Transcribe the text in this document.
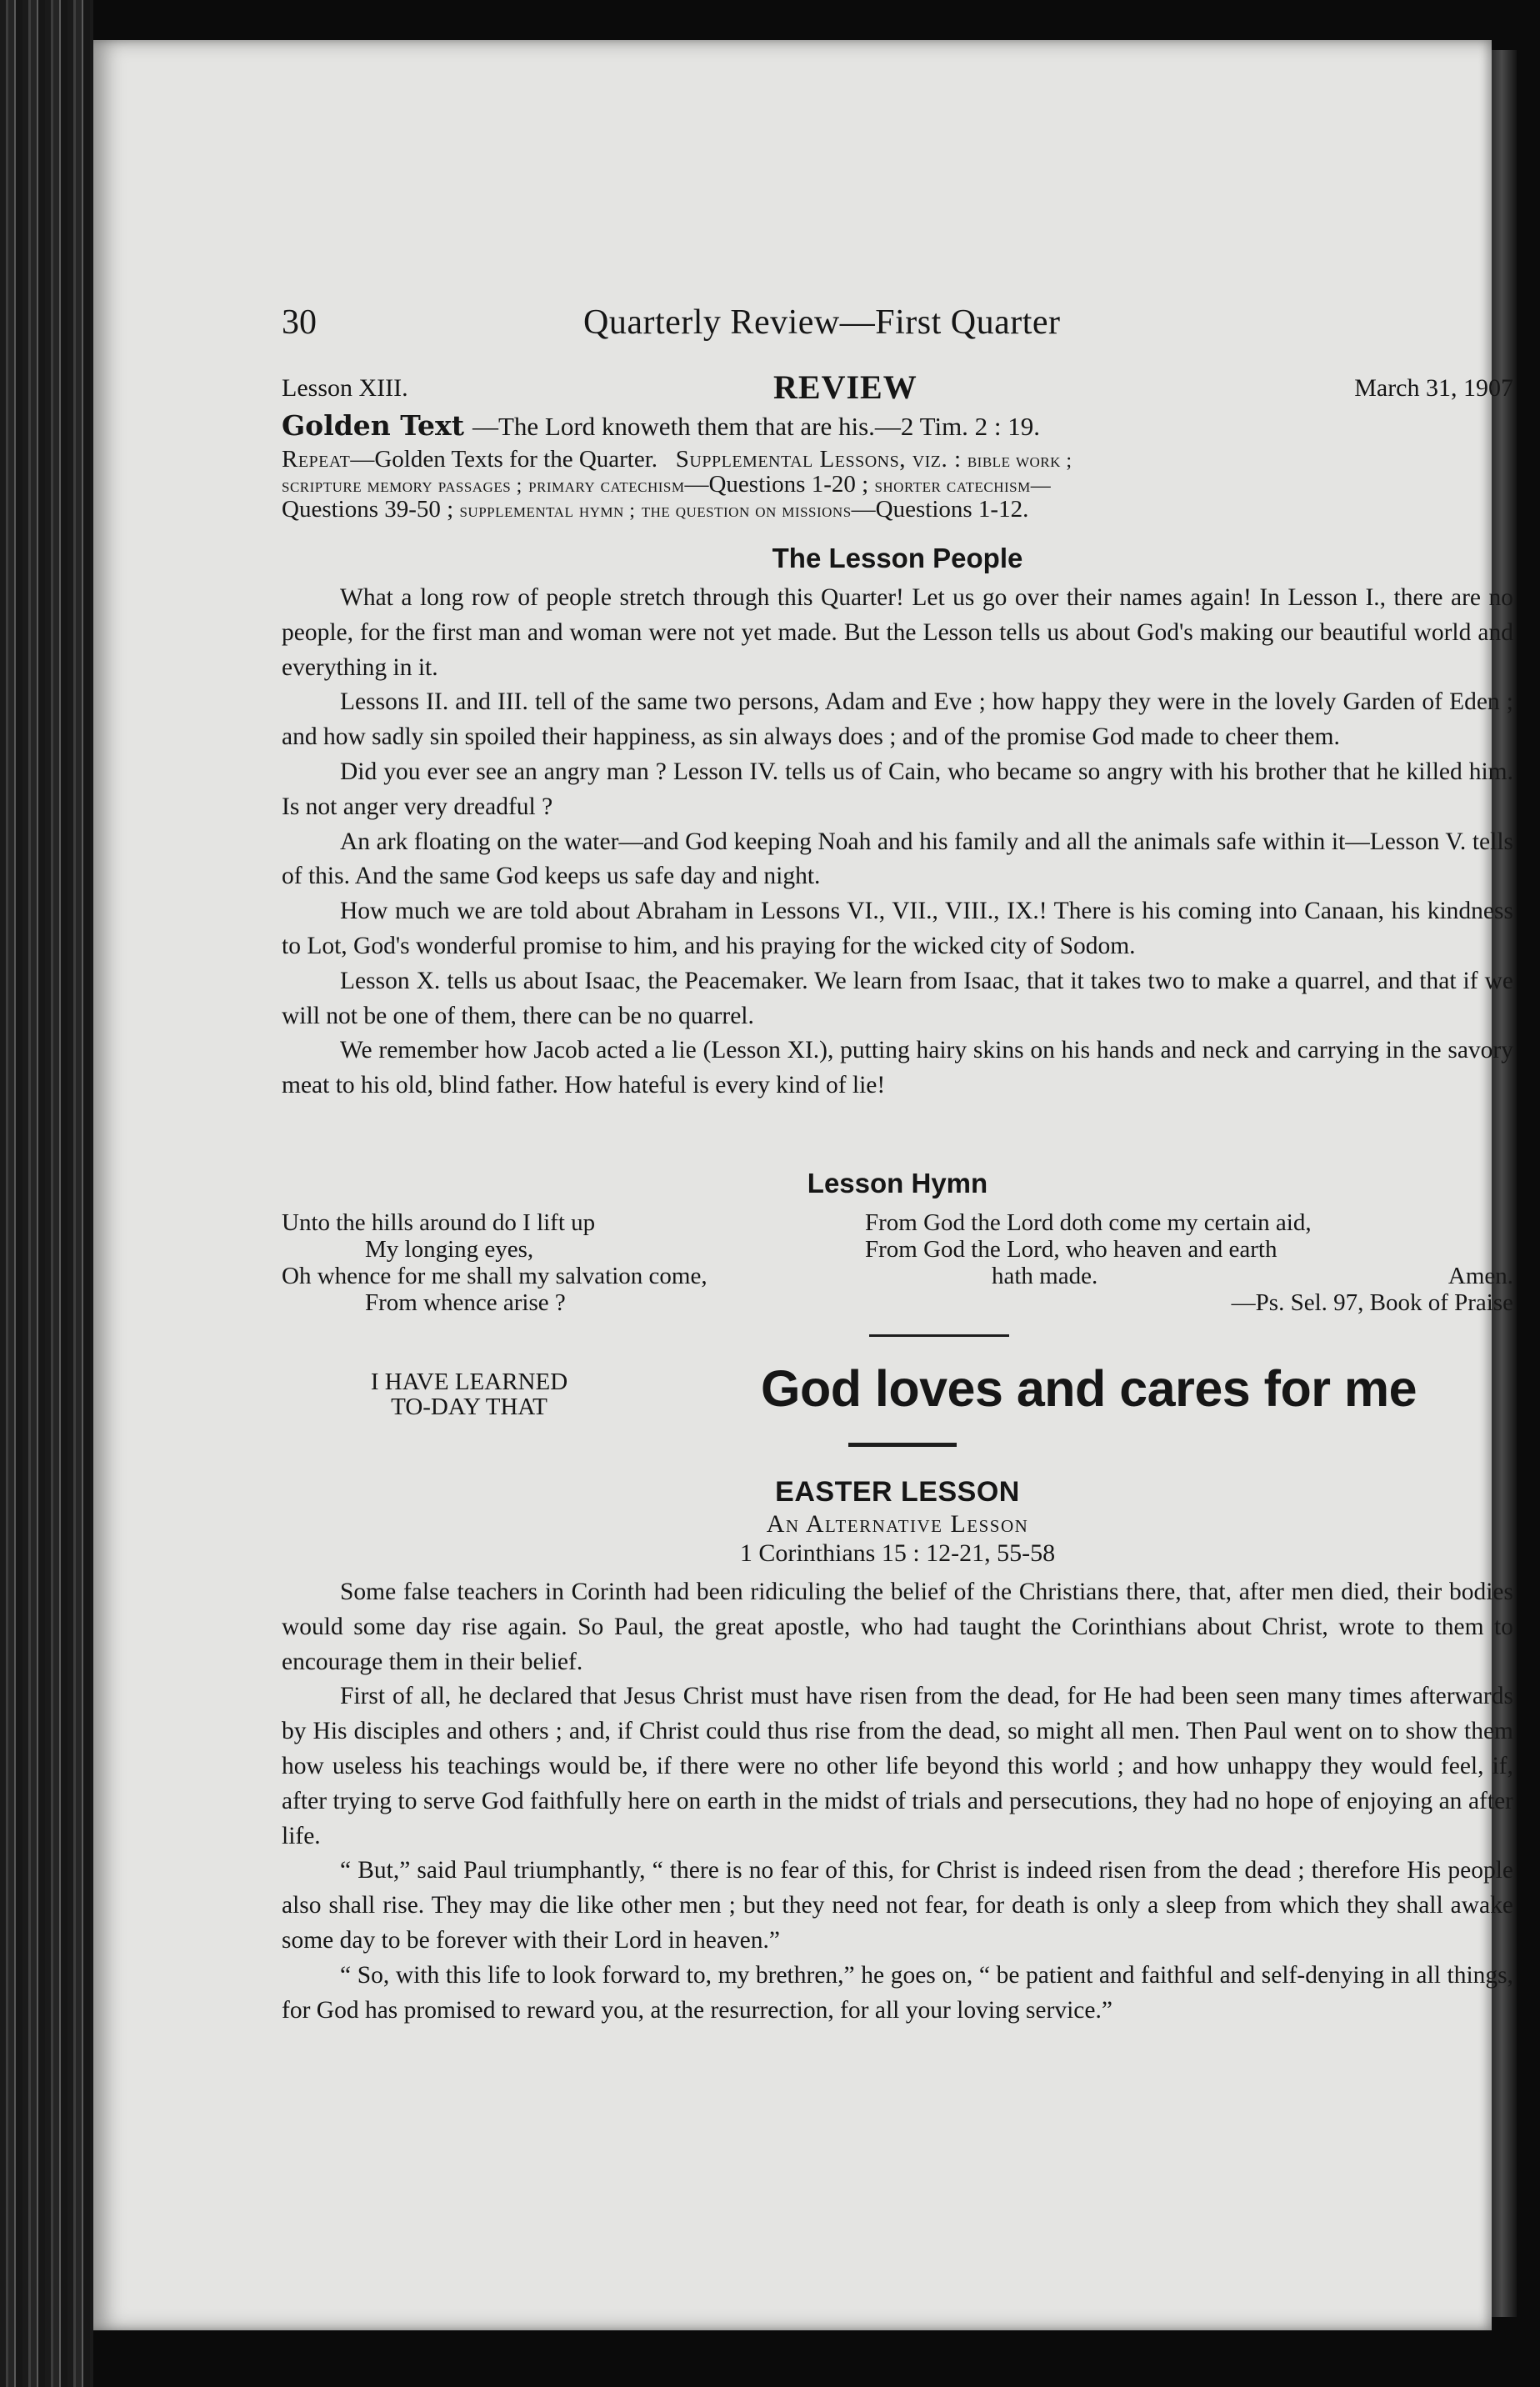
30	Quarterly Review—First Quarter
Lesson XIII.	REVIEW	March 31, 1907
Golden Text —The Lord knoweth them that are his.—2 Tim. 2 : 19.
Repeat—Golden Texts for the Quarter. Supplemental Lessons, viz. : bible work ;
scripture memory passages ; primary catechism—Questions 1-20 ; shorter catechism—
Questions 39-50 ; supplemental hymn ; the question on missions—Questions 1-12.
The Lesson People

What a long row of people stretch through this Quarter! Let us go over their names again! In Lesson I., there are no people, for the first man and woman were not yet made. But the Lesson tells us about God's making our beautiful world and everything in it.

Lessons II. and III. tell of the same two persons, Adam and Eve ; how happy they were in the lovely Garden of Eden ; and how sadly sin spoiled their happiness, as sin always does ; and of the promise God made to cheer them.

Did you ever see an angry man ? Lesson IV. tells us of Cain, who became so angry with his brother that he killed him. Is not anger very dreadful ?

An ark floating on the water—and God keeping Noah and his family and all the animals safe within it—Lesson V. tells of this. And the same God keeps us safe day and night.

How much we are told about Abraham in Lessons VI., VII., VIII., IX.! There is his coming into Canaan, his kindness to Lot, God's wonderful promise to him, and his praying for the wicked city of Sodom.

Lesson X. tells us about Isaac, the Peacemaker. We learn from Isaac, that it takes two to make a quarrel, and that if we will not be one of them, there can be no quarrel.

We remember how Jacob acted a lie (Lesson XI.), putting hairy skins on his hands and neck and carrying in the savory meat to his old, blind father. How hateful is every kind of lie!

Lesson Hymn
Unto the hills around do I lift up
My longing eyes,
Oh whence for me shall my salvation come,
From whence arise ?
From God the Lord doth come my certain aid,
From God the Lord, who heaven and earth
Amen.
hath made.
—Ps. Sel. 97, Book of Praise
I HAVE LEARNED
TO-DAY THAT	God loves and cares for me
EASTER LESSON
An Alternative Lesson
1 Corinthians 15 : 12-21, 55-58

Some false teachers in Corinth had been ridiculing the belief of the Christians there, that, after men died, their bodies would some day rise again. So Paul, the great apostle, who had taught the Corinthians about Christ, wrote to them to encourage them in their belief.

First of all, he declared that Jesus Christ must have risen from the dead, for He had been seen many times afterwards by His disciples and others ; and, if Christ could thus rise from the dead, so might all men. Then Paul went on to show them how useless his teachings would be, if there were no other life beyond this world ; and how unhappy they would feel, if, after trying to serve God faithfully here on earth in the midst of trials and persecutions, they had no hope of enjoying an after life.

“ But,” said Paul triumphantly, “ there is no fear of this, for Christ is indeed risen from the dead ; therefore His people also shall rise. They may die like other men ; but they need not fear, for death is only a sleep from which they shall awake some day to be forever with their Lord in heaven.”

“ So, with this life to look forward to, my brethren,” he goes on, “ be patient and faithful and self-denying in all things, for God has promised to reward you, at the resurrection, for all your loving service.”
